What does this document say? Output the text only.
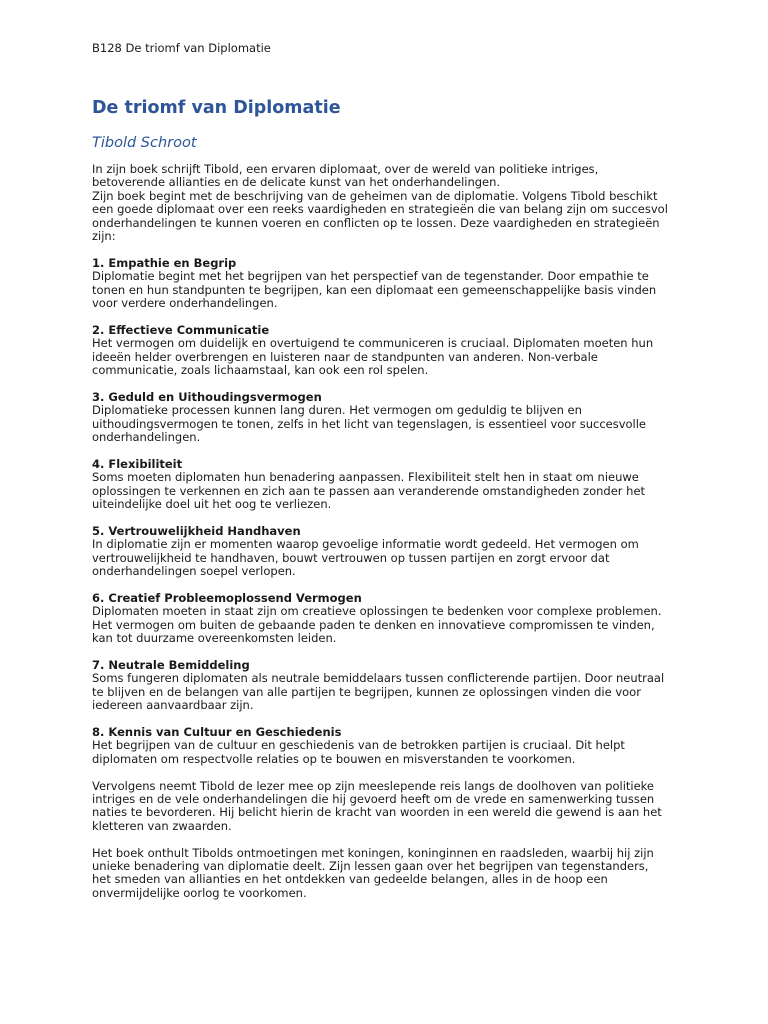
B128 De triomf van Diplomatie
De triomf van Diplomatie
Tibold Schroot

In zijn boek schrijft Tibold, een ervaren diplomaat, over de wereld van politieke intriges,
betoverende allianties en de delicate kunst van het onderhandelingen.
Zijn boek begint met de beschrijving van de geheimen van de diplomatie. Volgens Tibold beschikt
een goede diplomaat over een reeks vaardigheden en strategieën die van belang zijn om succesvol
onderhandelingen te kunnen voeren en conflicten op te lossen. Deze vaardigheden en strategieën
zijn:

1. Empathie en Begrip

Diplomatie begint met het begrijpen van het perspectief van de tegenstander. Door empathie te
tonen en hun standpunten te begrijpen, kan een diplomaat een gemeenschappelijke basis vinden
voor verdere onderhandelingen.

2. Effectieve Communicatie

Het vermogen om duidelijk en overtuigend te communiceren is cruciaal. Diplomaten moeten hun
ideeën helder overbrengen en luisteren naar de standpunten van anderen. Non-verbale
communicatie, zoals lichaamstaal, kan ook een rol spelen.

3. Geduld en Uithoudingsvermogen

Diplomatieke processen kunnen lang duren. Het vermogen om geduldig te blijven en
uithoudingsvermogen te tonen, zelfs in het licht van tegenslagen, is essentieel voor succesvolle
onderhandelingen.

4. Flexibiliteit

Soms moeten diplomaten hun benadering aanpassen. Flexibiliteit stelt hen in staat om nieuwe
oplossingen te verkennen en zich aan te passen aan veranderende omstandigheden zonder het
uiteindelijke doel uit het oog te verliezen.

5. Vertrouwelijkheid Handhaven

In diplomatie zijn er momenten waarop gevoelige informatie wordt gedeeld. Het vermogen om
vertrouwelijkheid te handhaven, bouwt vertrouwen op tussen partijen en zorgt ervoor dat
onderhandelingen soepel verlopen.

6. Creatief Probleemoplossend Vermogen

Diplomaten moeten in staat zijn om creatieve oplossingen te bedenken voor complexe problemen.
Het vermogen om buiten de gebaande paden te denken en innovatieve compromissen te vinden,
kan tot duurzame overeenkomsten leiden.

7. Neutrale Bemiddeling

Soms fungeren diplomaten als neutrale bemiddelaars tussen conflicterende partijen. Door neutraal
te blijven en de belangen van alle partijen te begrijpen, kunnen ze oplossingen vinden die voor
iedereen aanvaardbaar zijn.

8. Kennis van Cultuur en Geschiedenis

Het begrijpen van de cultuur en geschiedenis van de betrokken partijen is cruciaal. Dit helpt
diplomaten om respectvolle relaties op te bouwen en misverstanden te voorkomen.

Vervolgens neemt Tibold de lezer mee op zijn meeslepende reis langs de doolhoven van politieke
intriges en de vele onderhandelingen die hij gevoerd heeft om de vrede en samenwerking tussen
naties te bevorderen. Hij belicht hierin de kracht van woorden in een wereld die gewend is aan het
kletteren van zwaarden.

Het boek onthult Tibolds ontmoetingen met koningen, koninginnen en raadsleden, waarbij hij zijn
unieke benadering van diplomatie deelt. Zijn lessen gaan over het begrijpen van tegenstanders,
het smeden van allianties en het ontdekken van gedeelde belangen, alles in de hoop een
onvermijdelijke oorlog te voorkomen.
